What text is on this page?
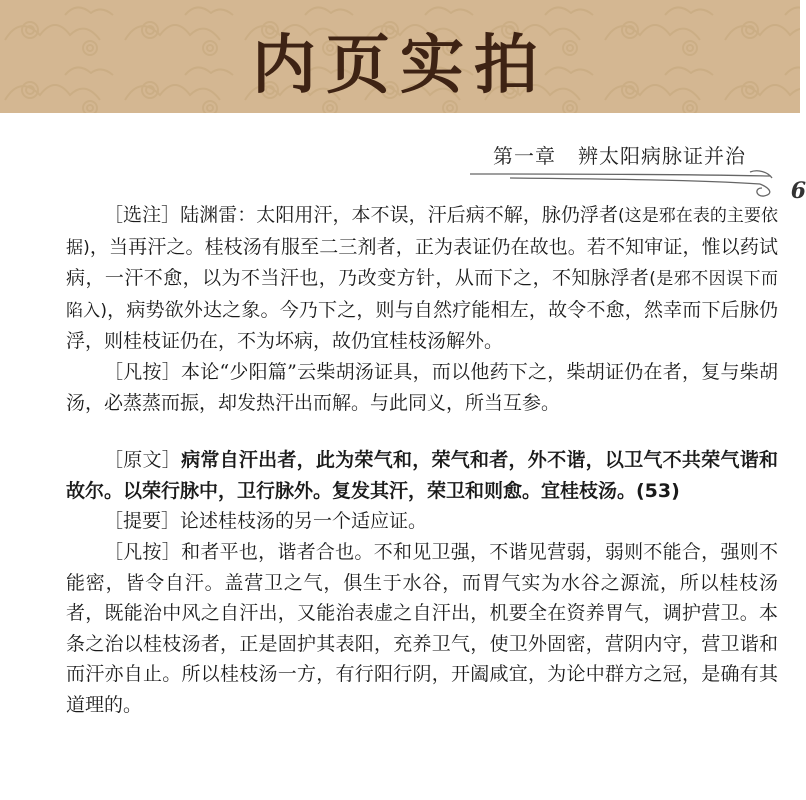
内页实拍
第一章 辨太阳病脉证并治
6

［选注］陆渊雷：太阳用汗，本不误，汗后病不解，脉仍浮者(这是邪在表的主要依据)，当再汗之。桂枝汤有服至二三剂者，正为表证仍在故也。若不知审证，惟以药试病，一汗不愈，以为不当汗也，乃改变方针，从而下之，不知脉浮者(是邪不因误下而陷入)，病势欲外达之象。今乃下之，则与自然疗能相左，故令不愈，然幸而下后脉仍浮，则桂枝证仍在，不为坏病，故仍宜桂枝汤解外。

［凡按］本论“少阳篇”云柴胡汤证具，而以他药下之，柴胡证仍在者，复与柴胡汤，必蒸蒸而振，却发热汗出而解。与此同义，所当互参。

［原文］病常自汗出者，此为荣气和，荣气和者，外不谐，以卫气不共荣气谐和故尔。以荣行脉中，卫行脉外。复发其汗，荣卫和则愈。宜桂枝汤。(53)

［提要］论述桂枝汤的另一个适应证。

［凡按］和者平也，谐者合也。不和见卫强，不谐见营弱，弱则不能合，强则不能密，皆令自汗。盖营卫之气，俱生于水谷，而胃气实为水谷之源流，所以桂枝汤者，既能治中风之自汗出，又能治表虚之自汗出，机要全在资养胃气，调护营卫。本条之治以桂枝汤者，正是固护其表阳，充养卫气，使卫外固密，营阴内守，营卫谐和而汗亦自止。所以桂枝汤一方，有行阳行阴，开阖咸宜，为论中群方之冠，是确有其道理的。
